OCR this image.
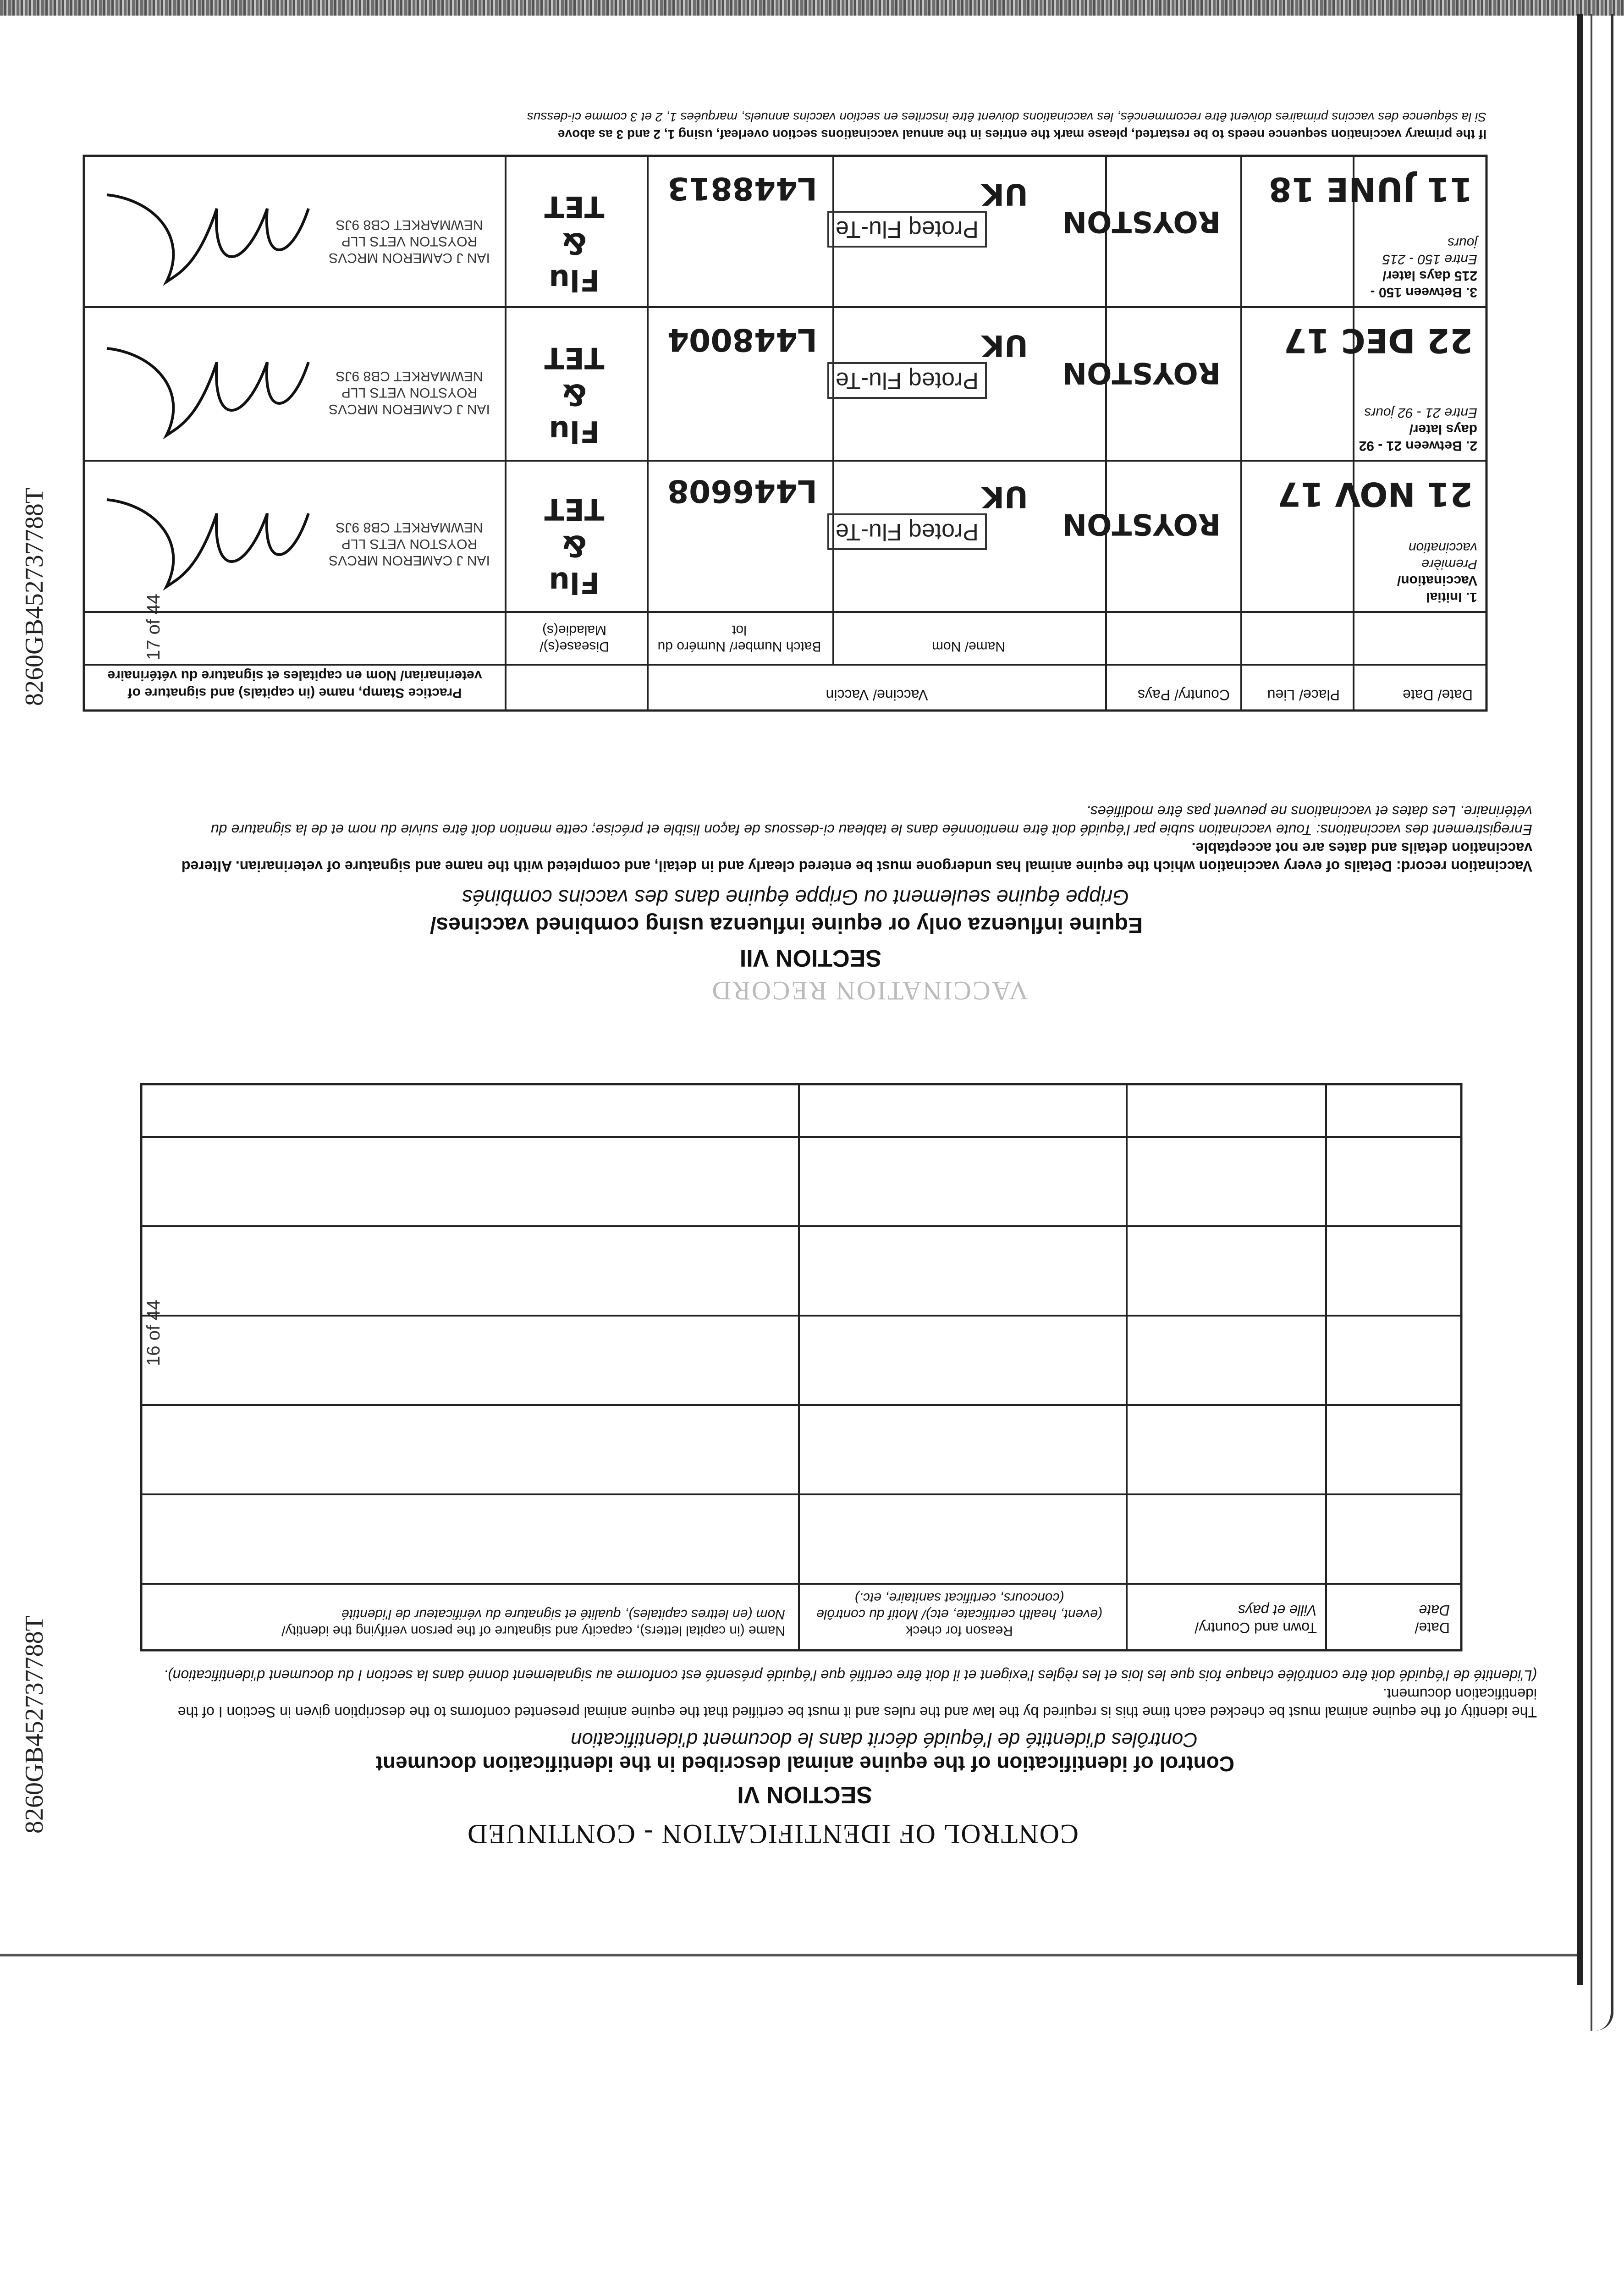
8260GB452737788T
8260GB452737788T
16 of 44
17 of 44
CONTROL OF IDENTIFICATION - CONTINUED
SECTION VI
Control of identification of the equine animal described in the identification document
Contrôles d'identité de l'équidé décrit dans le document d'identification
The identity of the equine animal must be checked each time this is required by the law and the rules and it must be certified that the equine animal presented conforms to the description given in Section I of the identification document.
(L'identité de l'équidé doit être contrôlée chaque fois que les lois et les règles l'exigent et il doit être certifié que l'équidé présenté est conforme au signalement donné dans la section I du document d'identification).
Date/
Date
Town and Country/
Ville et pays
Reason for check
(event, health certificate, etc)/ Motif du contrôle (concours, certificat sanitaire, etc.)
Name (in capital letters), capacity and signature of the person verifying the identity/
Nom (en lettres capitales), qualité et signature du vérificateur de l'identité
VACCINATION RECORD
SECTION VII
Equine influenza only or equine influenza using combined vaccines/
Grippe équine seulement ou Grippe équine dans des vaccins combinés
Vaccination record: Details of every vaccination which the equine animal has undergone must be entered clearly and in detail, and completed with the name and signature of veterinarian. Altered vaccination details and dates are not acceptable.
Enregistrement des vaccinations: Toute vaccination subie par l'équidé doit être mentionnée dans le tableau ci-dessous de façon lisible et précise; cette mention doit être suivie du nom et de la signature du vétérinaire. Les dates et vaccinations ne peuvent pas être modifiées.
Date/ Date
Place/ Lieu
Country/ Pays
Vaccine/ Vaccin
Name/ Nom
Batch Number/ Numéro du lot
Disease(s)/ Maladie(s)
Practice Stamp, name (in capitals) and signature of veterinarian/ Nom en capitales et signature du vétérinaire
1. Initial Vaccination/
Première vaccination
21 NOV 17
ROYSTON
UK
Proteq Flu-Te
L446608
Flu
&
TET
IAN J CAMERON MRCVS ROYSTON VETS LLP NEWMARKET CB8 9JS
2. Between 21 - 92 days later/
Entre 21 - 92 jours
22 DEC 17
ROYSTON
UK
Proteq Flu-Te
L448004
Flu
&
TET
IAN J CAMERON MRCVS ROYSTON VETS LLP NEWMARKET CB8 9JS
3. Between 150 - 215 days later/
Entre 150 - 215 jours
11 JUNE 18
ROYSTON
UK
Proteq Flu-Te
L448813
Flu
&
TET
IAN J CAMERON MRCVS ROYSTON VETS LLP NEWMARKET CB8 9JS
If the primary vaccination sequence needs to be restarted, please mark the entries in the annual vaccinations section overleaf, using 1, 2 and 3 as above
Si la séquence des vaccins primaires doivent être recommencés, les vaccinations doivent être inscrites en section vaccins annuels, marquées 1, 2 et 3 comme ci-dessus
